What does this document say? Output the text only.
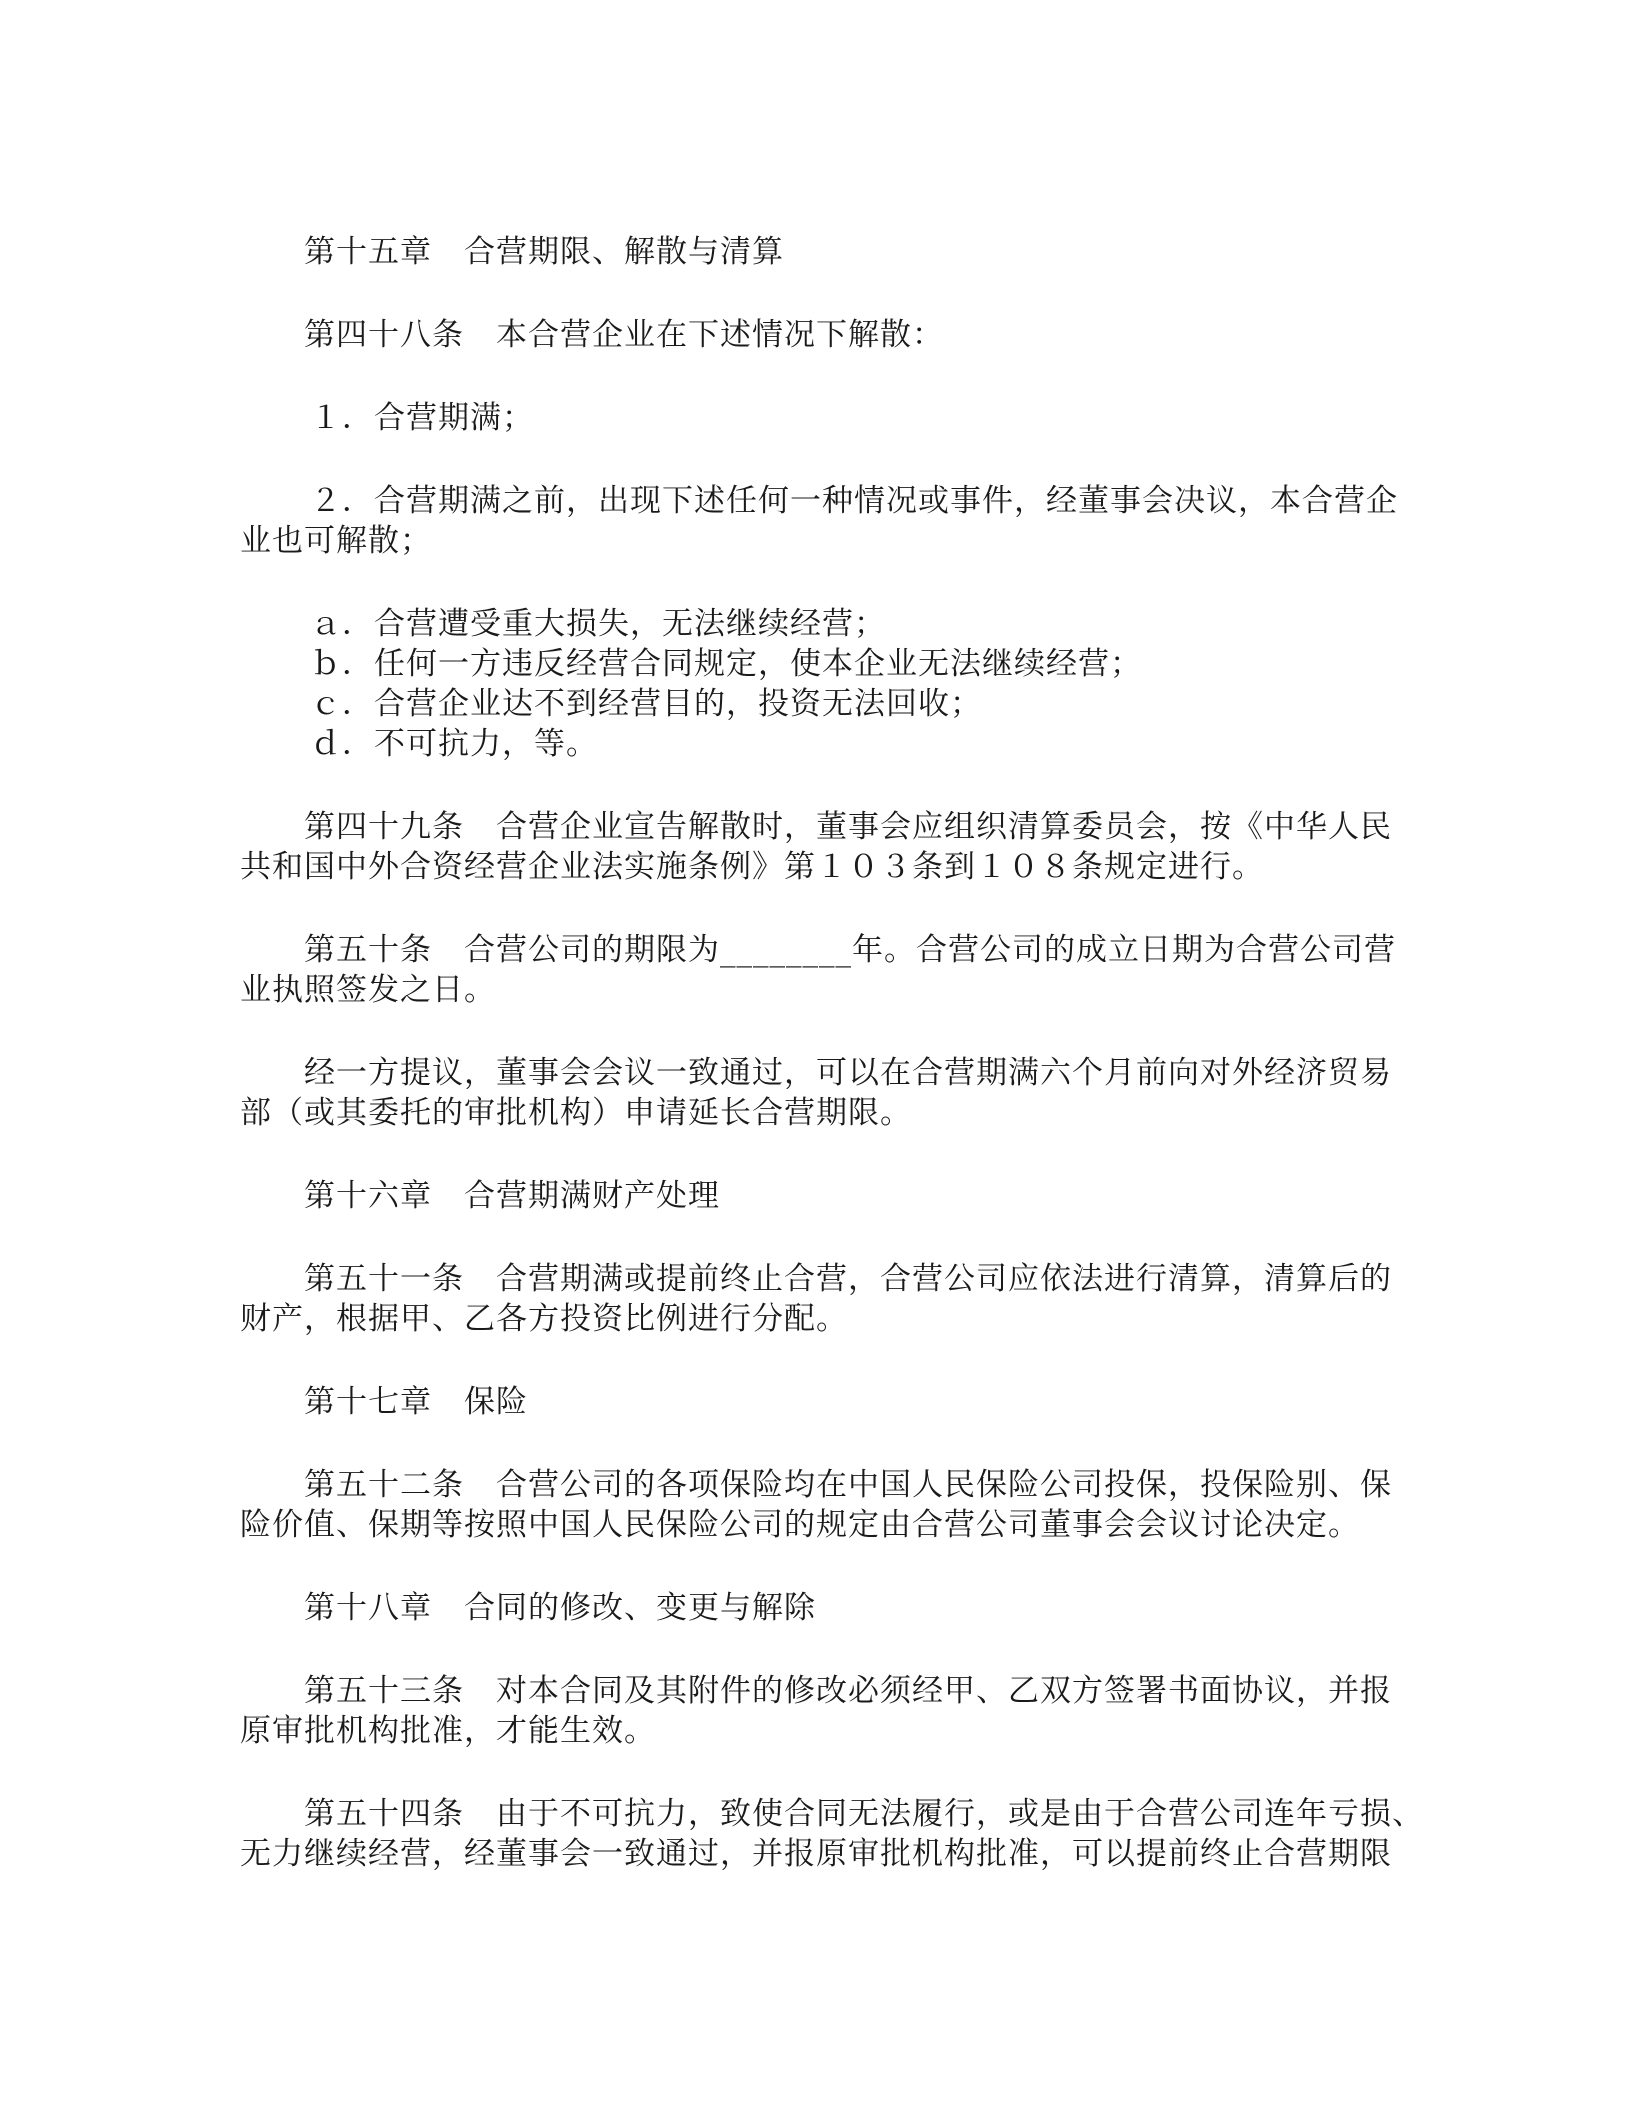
第十五章　合营期限、解散与清算
第四十八条　本合营企业在下述情况下解散：
１．合营期满；
２．合营期满之前，出现下述任何一种情况或事件，经董事会决议，本合营企
业也可解散；
ａ．合营遭受重大损失，无法继续经营；
ｂ．任何一方违反经营合同规定，使本企业无法继续经营；
ｃ．合营企业达不到经营目的，投资无法回收；
ｄ．不可抗力，等。
第四十九条　合营企业宣告解散时，董事会应组织清算委员会，按《中华人民
共和国中外合资经营企业法实施条例》第１０３条到１０８条规定进行。
第五十条　合营公司的期限为________年。合营公司的成立日期为合营公司营
业执照签发之日。
经一方提议，董事会会议一致通过，可以在合营期满六个月前向对外经济贸易
部（或其委托的审批机构）申请延长合营期限。
第十六章　合营期满财产处理
第五十一条　合营期满或提前终止合营，合营公司应依法进行清算，清算后的
财产，根据甲、乙各方投资比例进行分配。
第十七章　保险
第五十二条　合营公司的各项保险均在中国人民保险公司投保，投保险别、保
险价值、保期等按照中国人民保险公司的规定由合营公司董事会会议讨论决定。
第十八章　合同的修改、变更与解除
第五十三条　对本合同及其附件的修改必须经甲、乙双方签署书面协议，并报
原审批机构批准，才能生效。
第五十四条　由于不可抗力，致使合同无法履行，或是由于合营公司连年亏损、
无力继续经营，经董事会一致通过，并报原审批机构批准，可以提前终止合营期限
